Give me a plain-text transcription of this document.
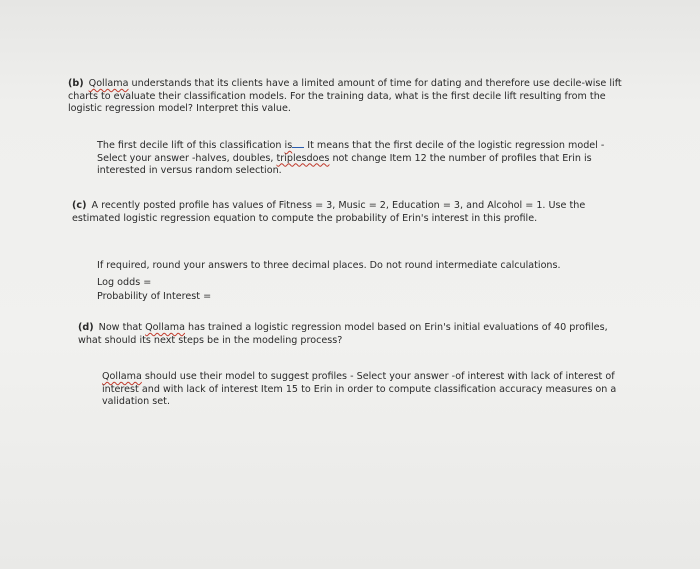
(b) Qollama understands that its clients have a limited amount of time for dating and therefore use decile-wise lift charts to evaluate their classification models. For the training data, what is the first decile lift resulting from the logistic regression model? Interpret this value.

The first decile lift of this classification is It means that the first decile of the logistic regression model - Select your answer -halves, doubles, triplesdoes not change Item 12 the number of profiles that Erin is interested in versus random selection.

(c) A recently posted profile has values of Fitness = 3, Music = 2, Education = 3, and Alcohol = 1. Use the estimated logistic regression equation to compute the probability of Erin's interest in this profile.

If required, round your answers to three decimal places. Do not round intermediate calculations.

Log odds =

Probability of Interest =

(d) Now that Qollama has trained a logistic regression model based on Erin's initial evaluations of 40 profiles, what should its next steps be in the modeling process?

Qollama should use their model to suggest profiles - Select your answer -of interest with lack of interest of interest and with lack of interest Item 15 to Erin in order to compute classification accuracy measures on a validation set.
